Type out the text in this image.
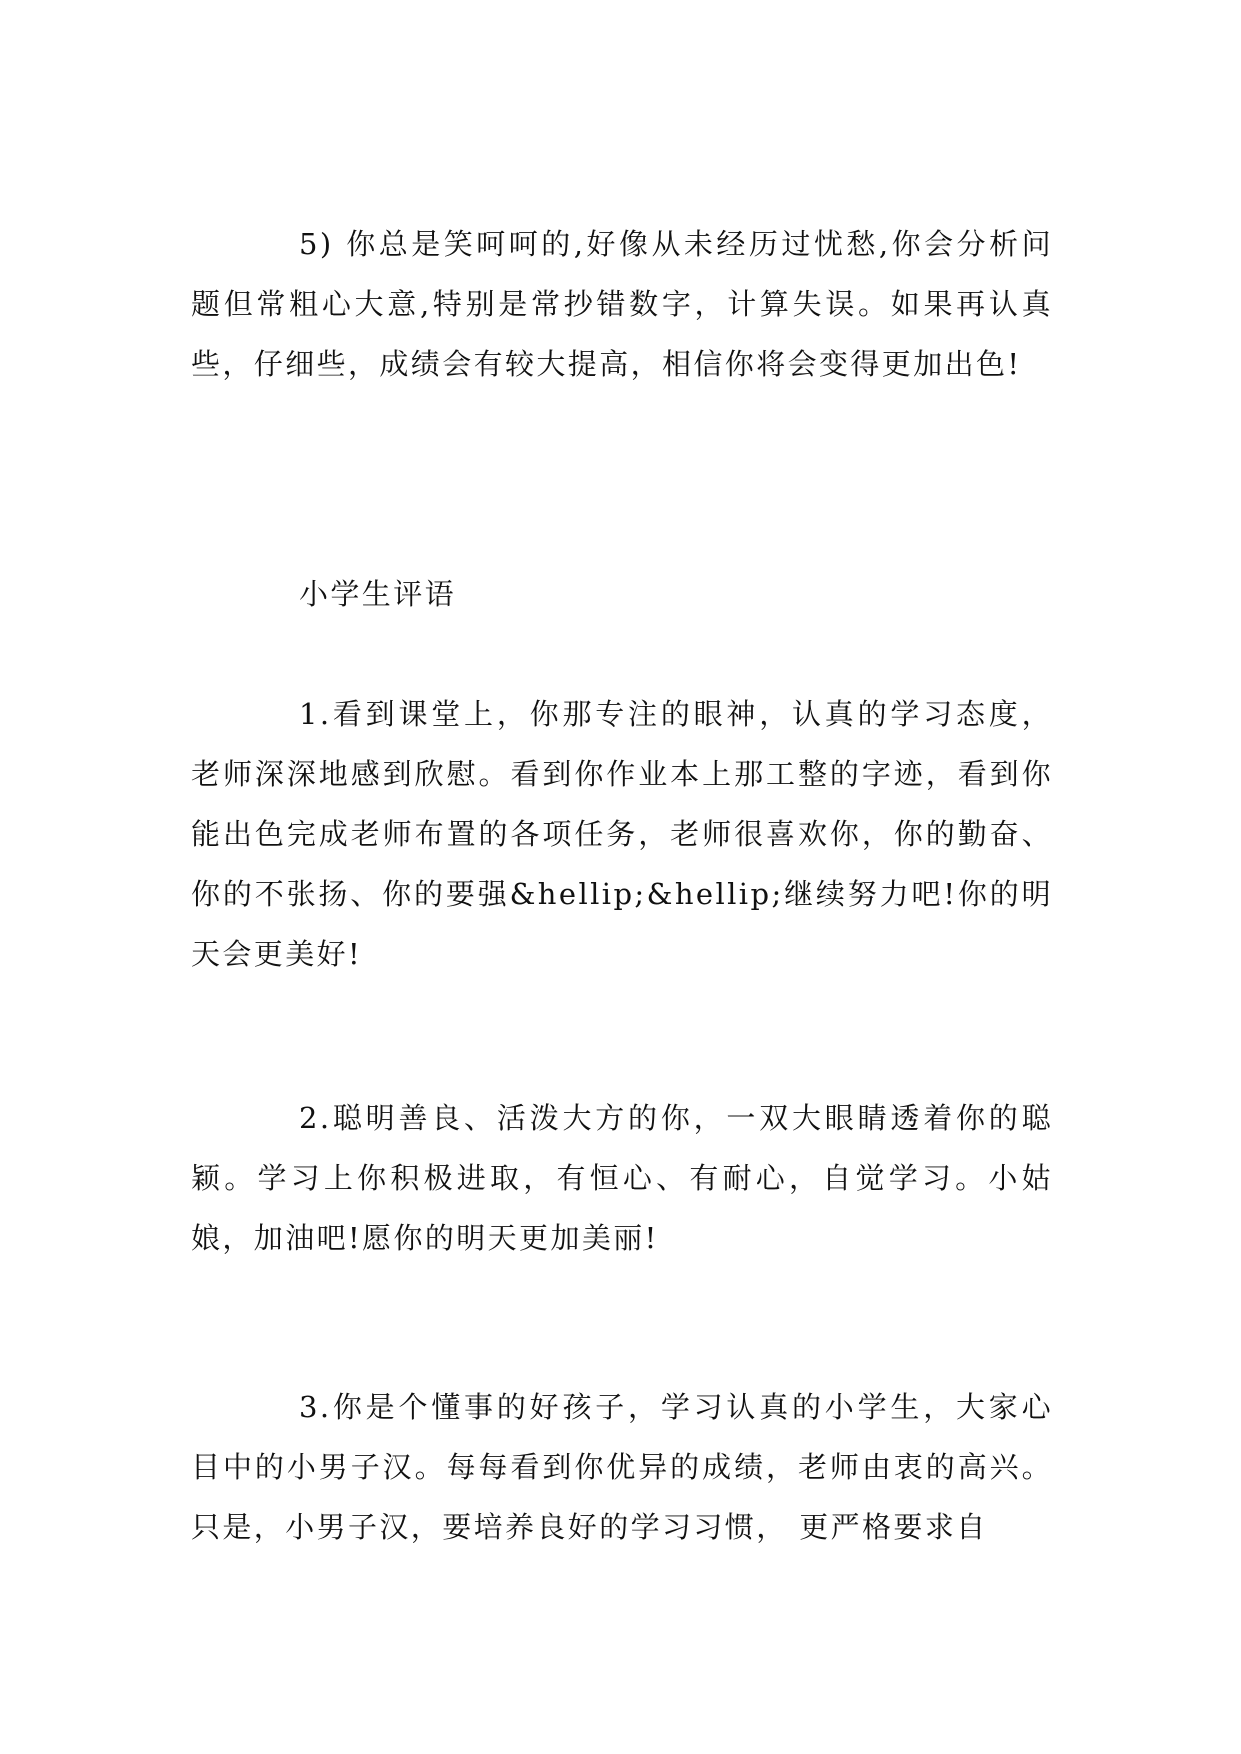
5) 你总是笑呵呵的,好像从未经历过忧愁,你会分析问题但常粗心大意,特别是常抄错数字，计算失误。如果再认真些，仔细些，成绩会有较大提高，相信你将会变得更加出色!

小学生评语

1.看到课堂上，你那专注的眼神，认真的学习态度，老师深深地感到欣慰。看到你作业本上那工整的字迹，看到你能出色完成老师布置的各项任务，老师很喜欢你，你的勤奋、你的不张扬、你的要强&hellip;&hellip;继续努力吧!你的明天会更美好!

2.聪明善良、活泼大方的你，一双大眼睛透着你的聪颖。学习上你积极进取，有恒心、有耐心，自觉学习。小姑娘，加油吧!愿你的明天更加美丽!

3.你是个懂事的好孩子，学习认真的小学生，大家心目中的小男子汉。每每看到你优异的成绩，老师由衷的高兴。只是，小男子汉，要培养良好的学习习惯， 更严格要求自
